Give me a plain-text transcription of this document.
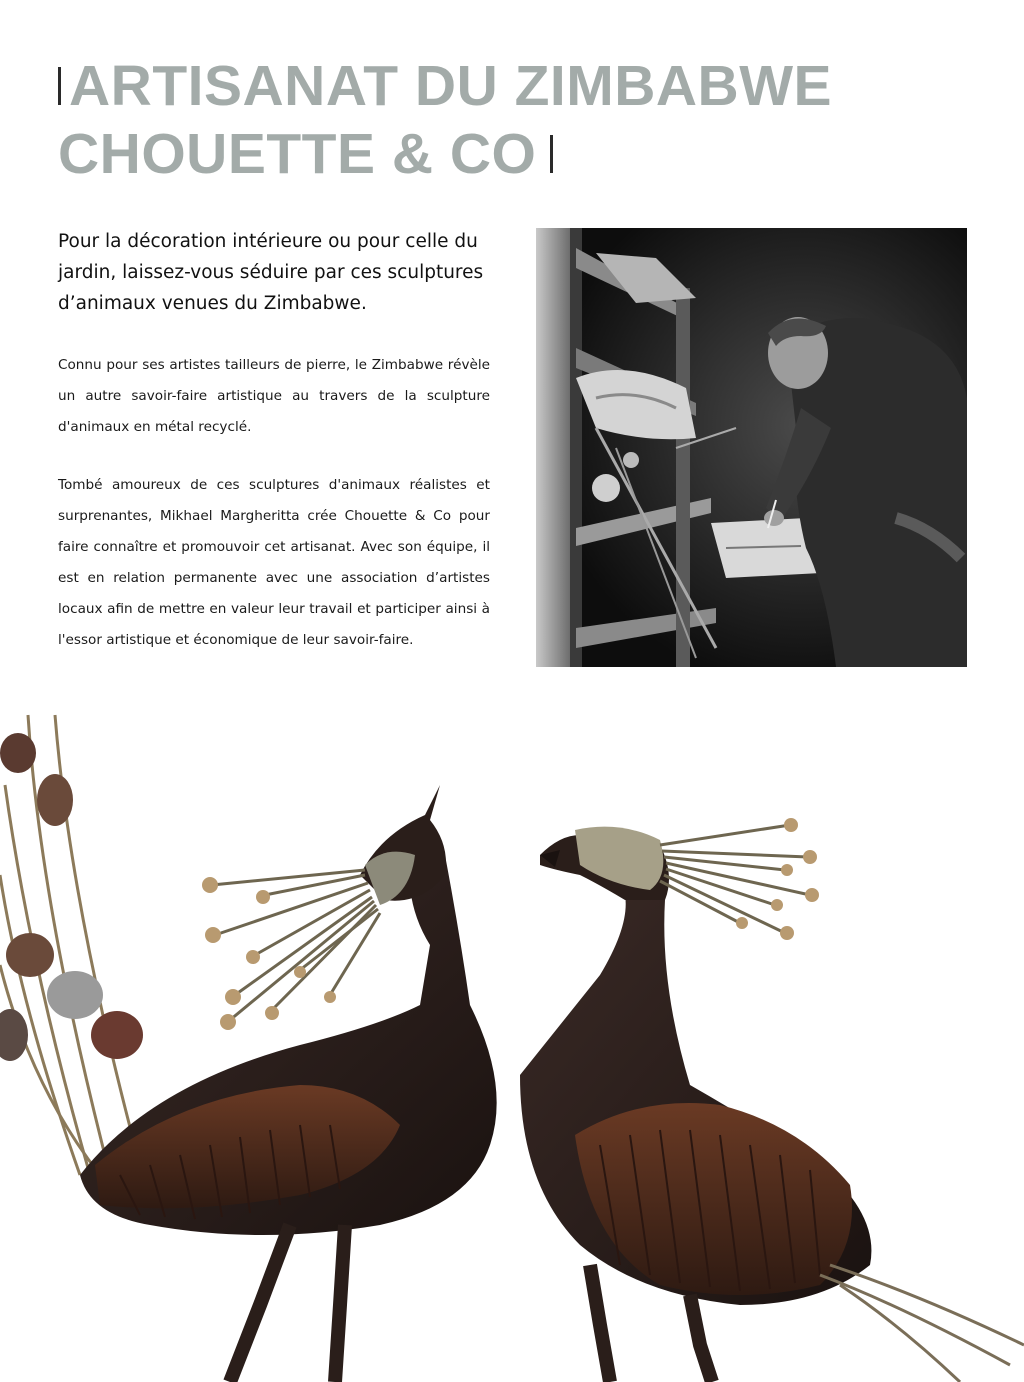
ARTISANAT DU ZIMBABWE
CHOUETTE & CO

Pour la décoration intérieure ou pour celle du jardin, laissez-vous séduire par ces sculptures d’animaux venues du Zimbabwe.

Connu pour ses artistes tailleurs de pierre, le Zimbabwe révèle un autre savoir-faire artistique au travers de la sculpture d'animaux en métal recyclé.

Tombé amoureux de ces sculptures d'animaux réalistes et surprenantes, Mikhael Margheritta crée Chouette & Co pour faire connaître et promouvoir cet artisanat. Avec son équipe, il est en relation permanente avec une association d’artistes locaux afin de mettre en valeur leur travail et participer ainsi à l'essor artistique et économique de leur savoir-faire.
